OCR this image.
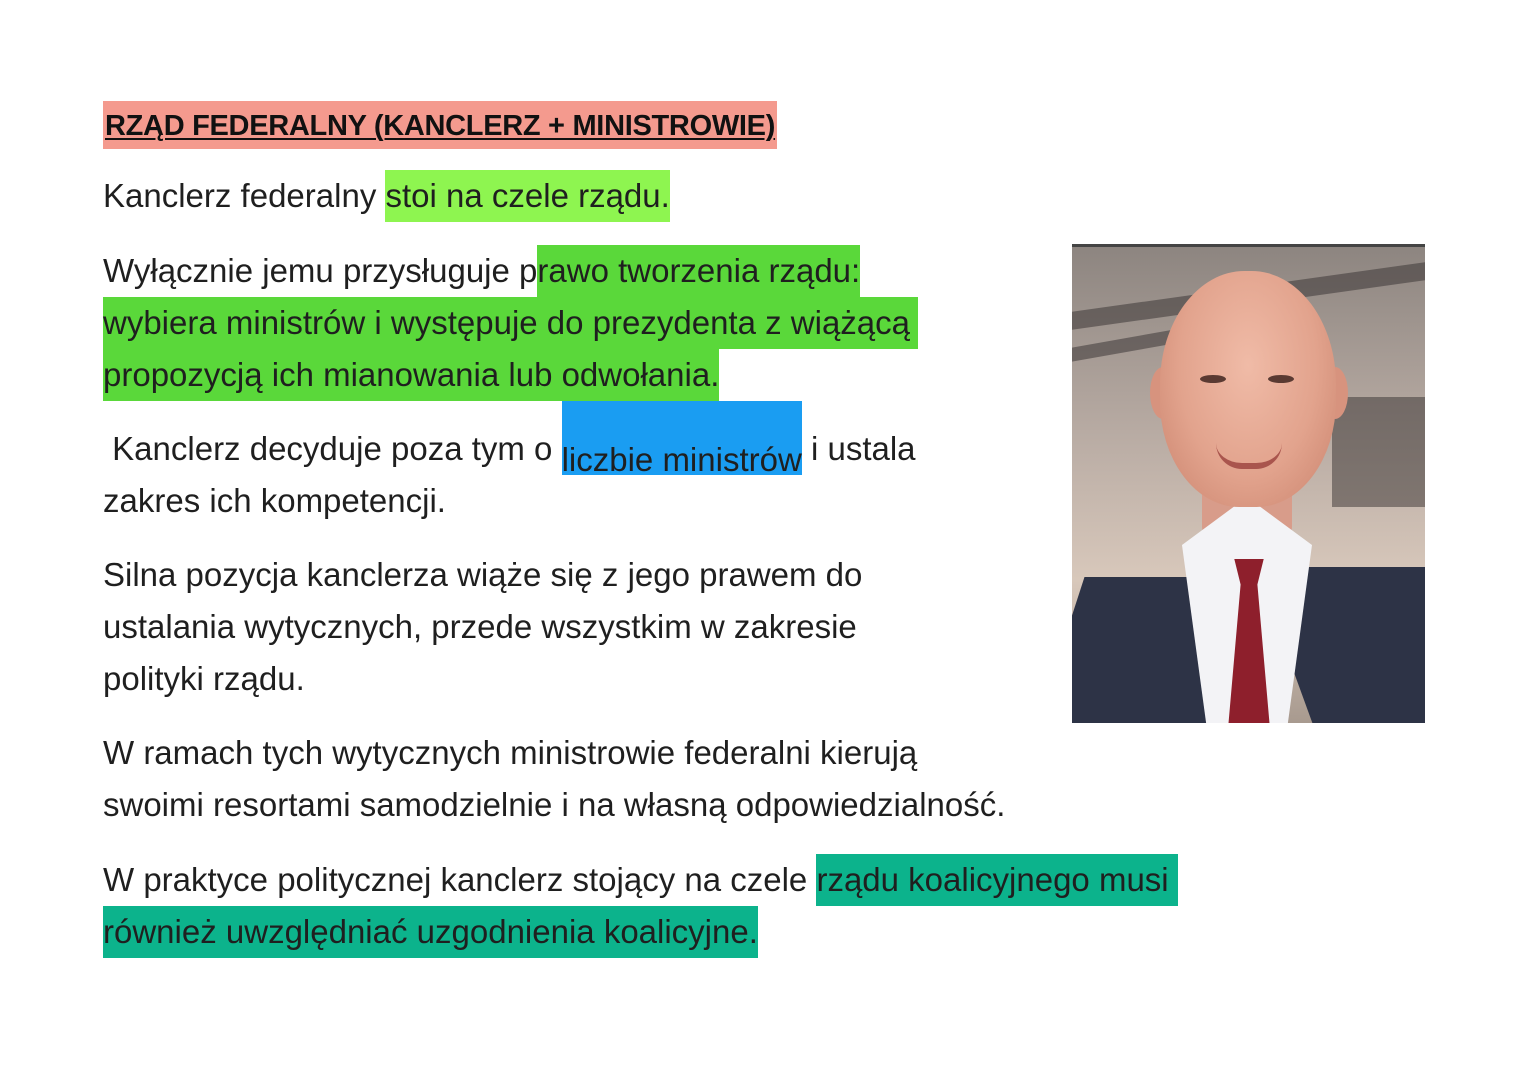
RZĄD FEDERALNY (KANCLERZ + MINISTROWIE)
Kanclerz federalny stoi na czele rządu.
Wyłącznie jemu przysługuje prawo tworzenia rządu:
wybiera ministrów i występuje do prezydenta z wiążącą
propozycją ich mianowania lub odwołania.
Kanclerz decyduje poza tym o liczbie ministrów i ustala
zakres ich kompetencji.
Silna pozycja kanclerza wiąże się z jego prawem do
ustalania wytycznych, przede wszystkim w zakresie
polityki rządu.
W ramach tych wytycznych ministrowie federalni kierują
swoimi resortami samodzielnie i na własną odpowiedzialność.
W praktyce politycznej kanclerz stojący na czele rządu koalicyjnego musi
również uwzględniać uzgodnienia koalicyjne.
